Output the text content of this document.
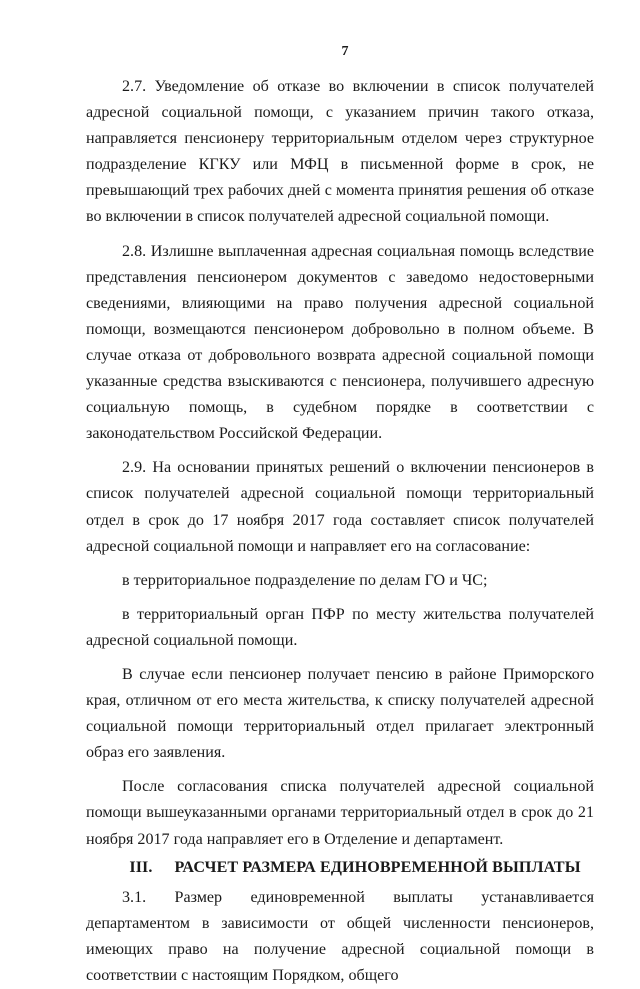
7

2.7. Уведомление об отказе во включении в список получателей адресной социальной помощи, с указанием причин такого отказа, направляется пенсионеру территориальным отделом через структурное подразделение КГКУ или МФЦ в письменной форме в срок, не превышающий трех рабочих дней с момента принятия решения об отказе во включении в список получателей адресной социальной помощи.

2.8. Излишне выплаченная адресная социальная помощь вследствие представления пенсионером документов с заведомо недостоверными сведениями, влияющими на право получения адресной социальной помощи, возмещаются пенсионером добровольно в полном объеме. В случае отказа от добровольного возврата адресной социальной помощи указанные средства взыскиваются с пенсионера, получившего адресную социальную помощь, в судебном порядке в соответствии с законодательством Российской Федерации.

2.9. На основании принятых решений о включении пенсионеров в список получателей адресной социальной помощи территориальный отдел в срок до 17 ноября 2017 года составляет список получателей адресной социальной помощи и направляет его на согласование:

в территориальное подразделение по делам ГО и ЧС;

в территориальный орган ПФР по месту жительства получателей адресной социальной помощи.

В случае если пенсионер получает пенсию в районе Приморского края, отличном от его места жительства, к списку получателей адресной социальной помощи территориальный отдел прилагает электронный образ его заявления.

После согласования списка получателей адресной социальной помощи вышеуказанными органами территориальный отдел в срок до 21 ноября 2017 года направляет его в Отделение и департамент.

III. РАСЧЕТ РАЗМЕРА ЕДИНОВРЕМЕННОЙ ВЫПЛАТЫ

3.1. Размер единовременной выплаты устанавливается департаментом в зависимости от общей численности пенсионеров, имеющих право на получение адресной социальной помощи в соответствии с настоящим Порядком, общего
